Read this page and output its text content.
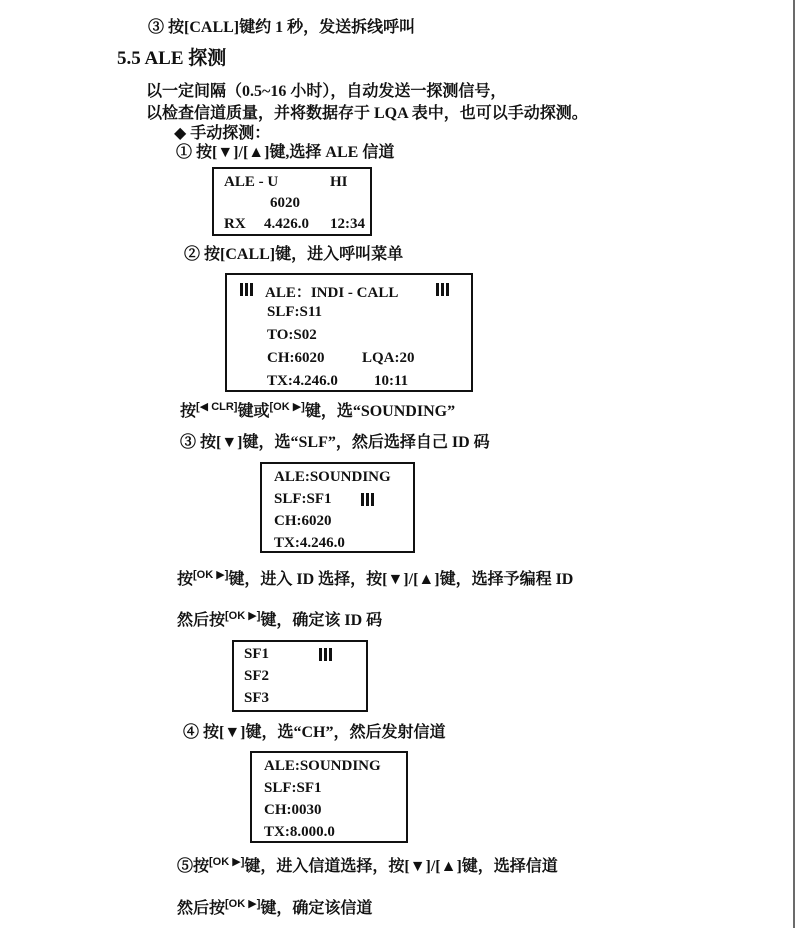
③ 按[CALL]键约 1 秒，发送拆线呼叫
5.5 ALE 探测
以一定间隔（0.5~16 小时），自动发送一探测信号，
以检查信道质量，并将数据存于 LQA 表中，也可以手动探测。
◆ 手动探测：
① 按[▼]/[▲]键,选择 ALE 信道
ALE - U	HI
6020
RX 4.426.0 12:34
② 按[CALL]键，进入呼叫菜单
ALE：INDI - CALL
SLF:S11
TO:S02
CH:6020	LQA:20
TX:4.246.0 10:11
按[◀ CLR]键或[OK ▶]键，选“SOUNDING”
③ 按[▼]键，选“SLF”，然后选择自己 ID 码
ALE:SOUNDING
SLF:SF1
CH:6020
TX:4.246.0
按[OK ▶]键，进入 ID 选择，按[▼]/[▲]键，选择予编程 ID
然后按[OK ▶]键，确定该 ID 码
SF1
SF2
SF3
④ 按[▼]键，选“CH”，然后发射信道
ALE:SOUNDING
SLF:SF1
CH:0030
TX:8.000.0
⑤按[OK ▶]键，进入信道选择，按[▼]/[▲]键，选择信道
然后按[OK ▶]键，确定该信道
